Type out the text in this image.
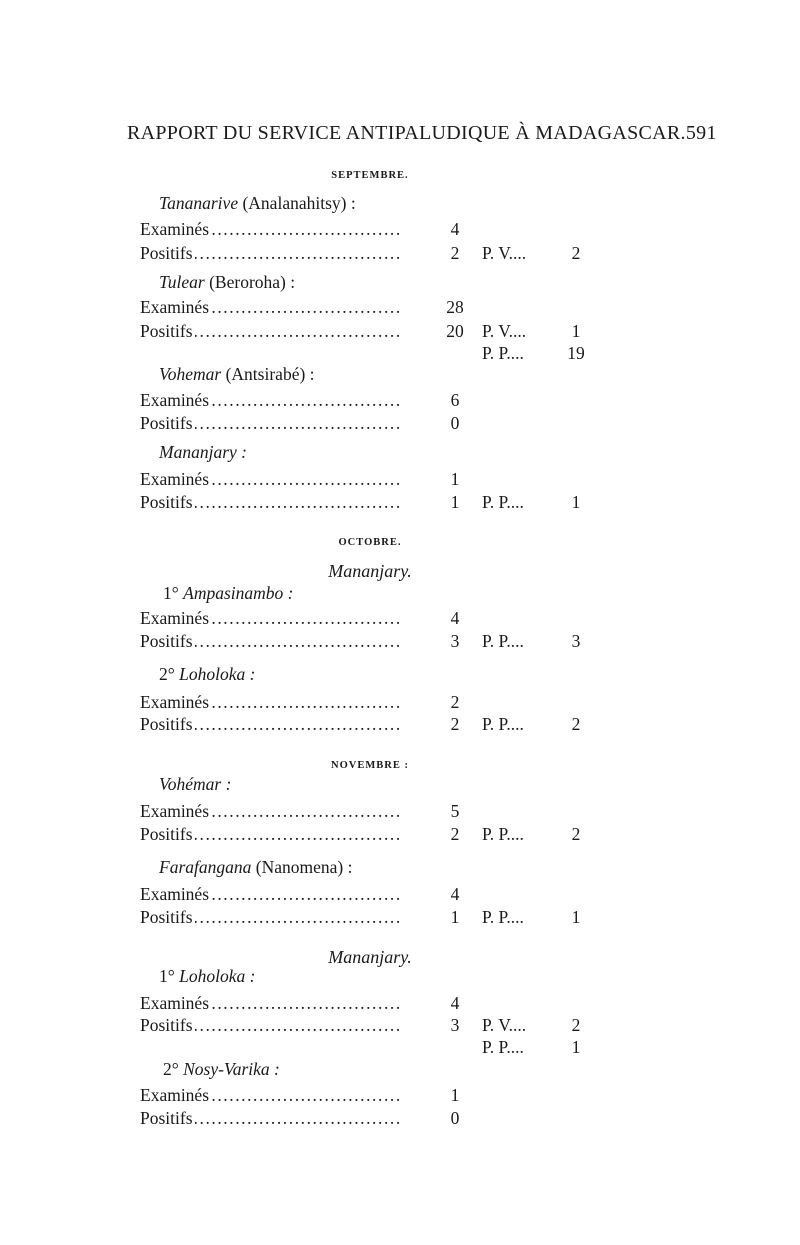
RAPPORT DU SERVICE ANTIPALUDIQUE À MADAGASCAR. 591
SEPTEMBRE.
Tananarive (Analanahitsy) :
Examinés . . .	4
Positifs . . .	2	P. V....	2
Tulear (Beroroha) :
Examinés . . .	28
Positifs . . .	20	P. V....	1
P. P....	19
Vohemar (Antsirabé) :
Examinés . . .	6
Positifs . . .	0
Mananjary :
Examinés . . .	1
Positifs . . .	1	P. P....	1
OCTOBRE.
Mananjary.
1° Ampasinambo :
Examinés . . .	4
Positifs . . .	3	P. P....	3
2° Loholoka :
Examinés . . .	2
Positifs . . .	2	P. P....	2
NOVEMBRE :
Vohémar :
Examinés . . .	5
Positifs . . .	2	P. P....	2
Farafangana (Nanomena) :
Examinés . . .	4
Positifs . . .	1	P. P....	1
Mananjary.
1° Loholoka :
Examinés . . .	4
Positifs . . .	3	P. V....	2
P. P....	1
2° Nosy-Varika :
Examinés . . .	1
Positifs . . .	0
